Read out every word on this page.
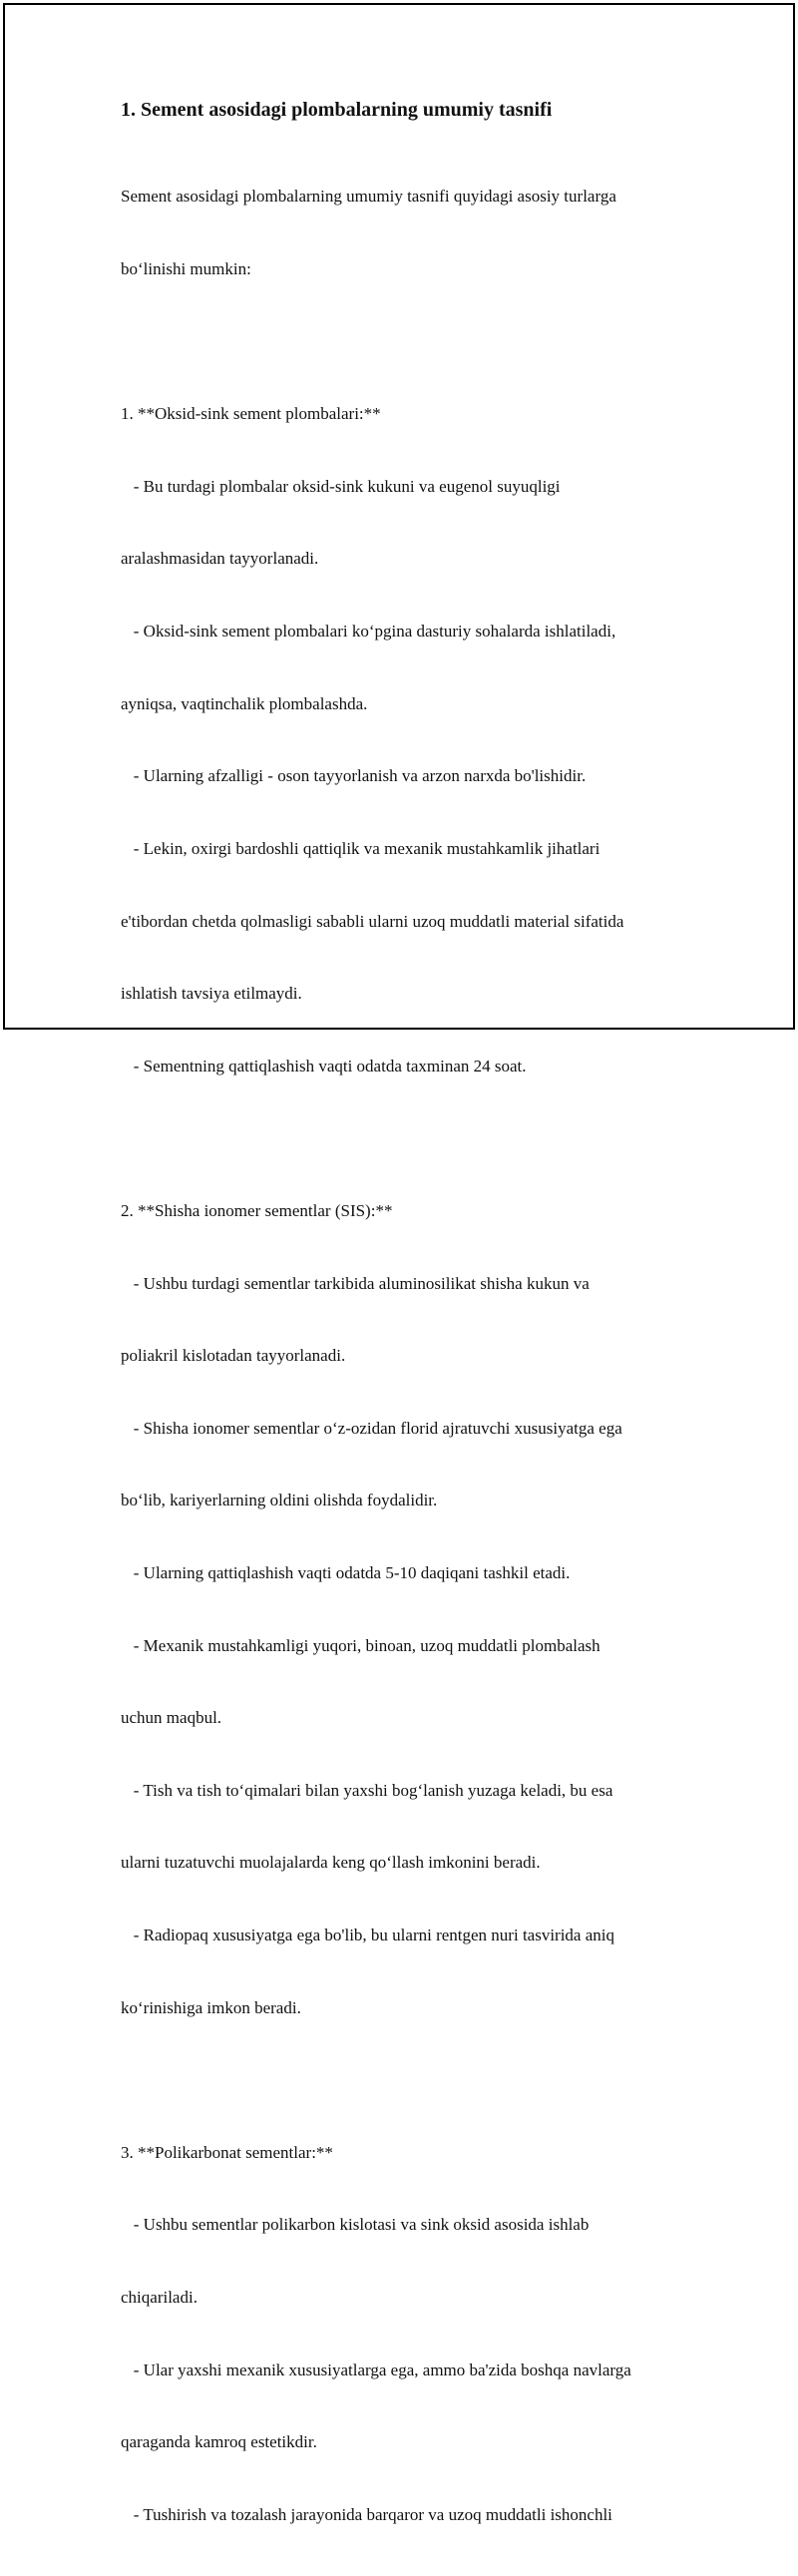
1. Sement asosidagi plombalarning umumiy tasnifi

Sement asosidagi plombalarning umumiy tasnifi quyidagi asosiy turlarga

bo‘linishi mumkin:

1. **Oksid-sink sement plombalari:**

- Bu turdagi plombalar oksid-sink kukuni va eugenol suyuqligi

aralashmasidan tayyorlanadi.

- Oksid-sink sement plombalari ko‘pgina dasturiy sohalarda ishlatiladi,

ayniqsa, vaqtinchalik plombalashda.

- Ularning afzalligi - oson tayyorlanish va arzon narxda bo'lishidir.

- Lekin, oxirgi bardoshli qattiqlik va mexanik mustahkamlik jihatlari

e'tibordan chetda qolmasligi sababli ularni uzoq muddatli material sifatida

ishlatish tavsiya etilmaydi.

- Sementning qattiqlashish vaqti odatda taxminan 24 soat.

2. **Shisha ionomer sementlar (SIS):**

- Ushbu turdagi sementlar tarkibida aluminosilikat shisha kukun va

poliakril kislotadan tayyorlanadi.

- Shisha ionomer sementlar o‘z-ozidan florid ajratuvchi xususiyatga ega

bo‘lib, kariyerlarning oldini olishda foydalidir.

- Ularning qattiqlashish vaqti odatda 5-10 daqiqani tashkil etadi.

- Mexanik mustahkamligi yuqori, binoan, uzoq muddatli plombalash

uchun maqbul.

- Tish va tish to‘qimalari bilan yaxshi bog‘lanish yuzaga keladi, bu esa

ularni tuzatuvchi muolajalarda keng qo‘llash imkonini beradi.

- Radiopaq xususiyatga ega bo'lib, bu ularni rentgen nuri tasvirida aniq

ko‘rinishiga imkon beradi.

3. **Polikarbonat sementlar:**

- Ushbu sementlar polikarbon kislotasi va sink oksid asosida ishlab

chiqariladi.

- Ular yaxshi mexanik xususiyatlarga ega, ammo ba'zida boshqa navlarga

qaraganda kamroq estetikdir.

- Tushirish va tozalash jarayonida barqaror va uzoq muddatli ishonchli
